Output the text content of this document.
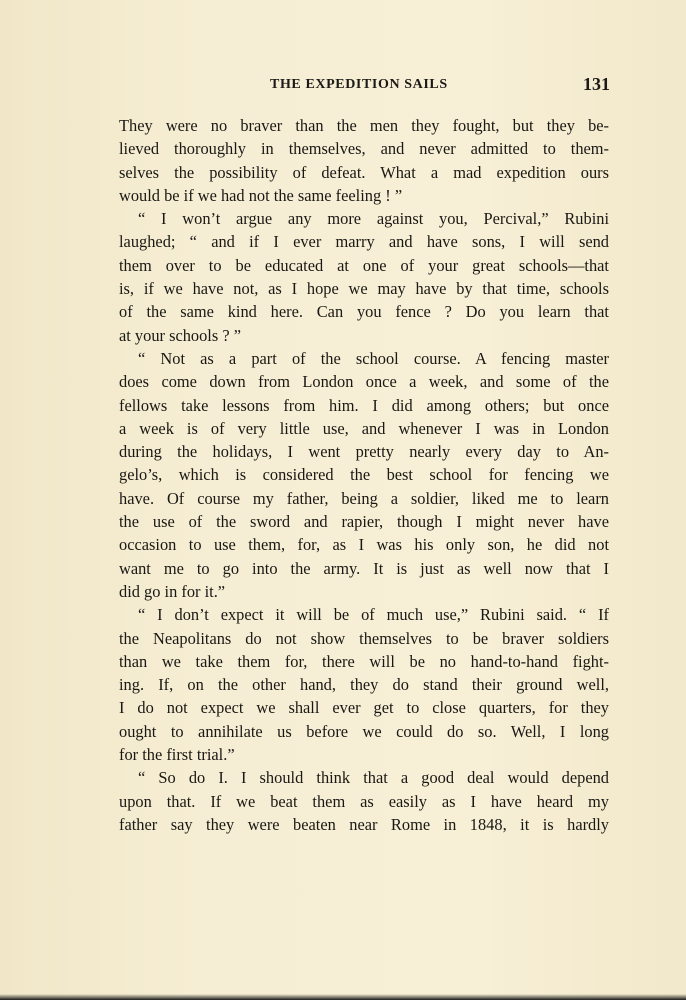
THE EXPEDITION SAILS	131
They were no braver than the men they fought, but they be-
lieved thoroughly in themselves, and never admitted to them-
selves the possibility of defeat. What a mad expedition ours
would be if we had not the same feeling ! ”
“ I won’t argue any more against you, Percival,” Rubini
laughed; “ and if I ever marry and have sons, I will send
them over to be educated at one of your great schools—that
is, if we have not, as I hope we may have by that time, schools
of the same kind here. Can you fence ? Do you learn that
at your schools ? ”
“ Not as a part of the school course. A fencing master
does come down from London once a week, and some of the
fellows take lessons from him. I did among others; but once
a week is of very little use, and whenever I was in London
during the holidays, I went pretty nearly every day to An-
gelo’s, which is considered the best school for fencing we
have. Of course my father, being a soldier, liked me to learn
the use of the sword and rapier, though I might never have
occasion to use them, for, as I was his only son, he did not
want me to go into the army. It is just as well now that I
did go in for it.”
“ I don’t expect it will be of much use,” Rubini said. “ If
the Neapolitans do not show themselves to be braver soldiers
than we take them for, there will be no hand-to-hand fight-
ing. If, on the other hand, they do stand their ground well,
I do not expect we shall ever get to close quarters, for they
ought to annihilate us before we could do so. Well, I long
for the first trial.”
“ So do I. I should think that a good deal would depend
upon that. If we beat them as easily as I have heard my
father say they were beaten near Rome in 1848, it is hardly
